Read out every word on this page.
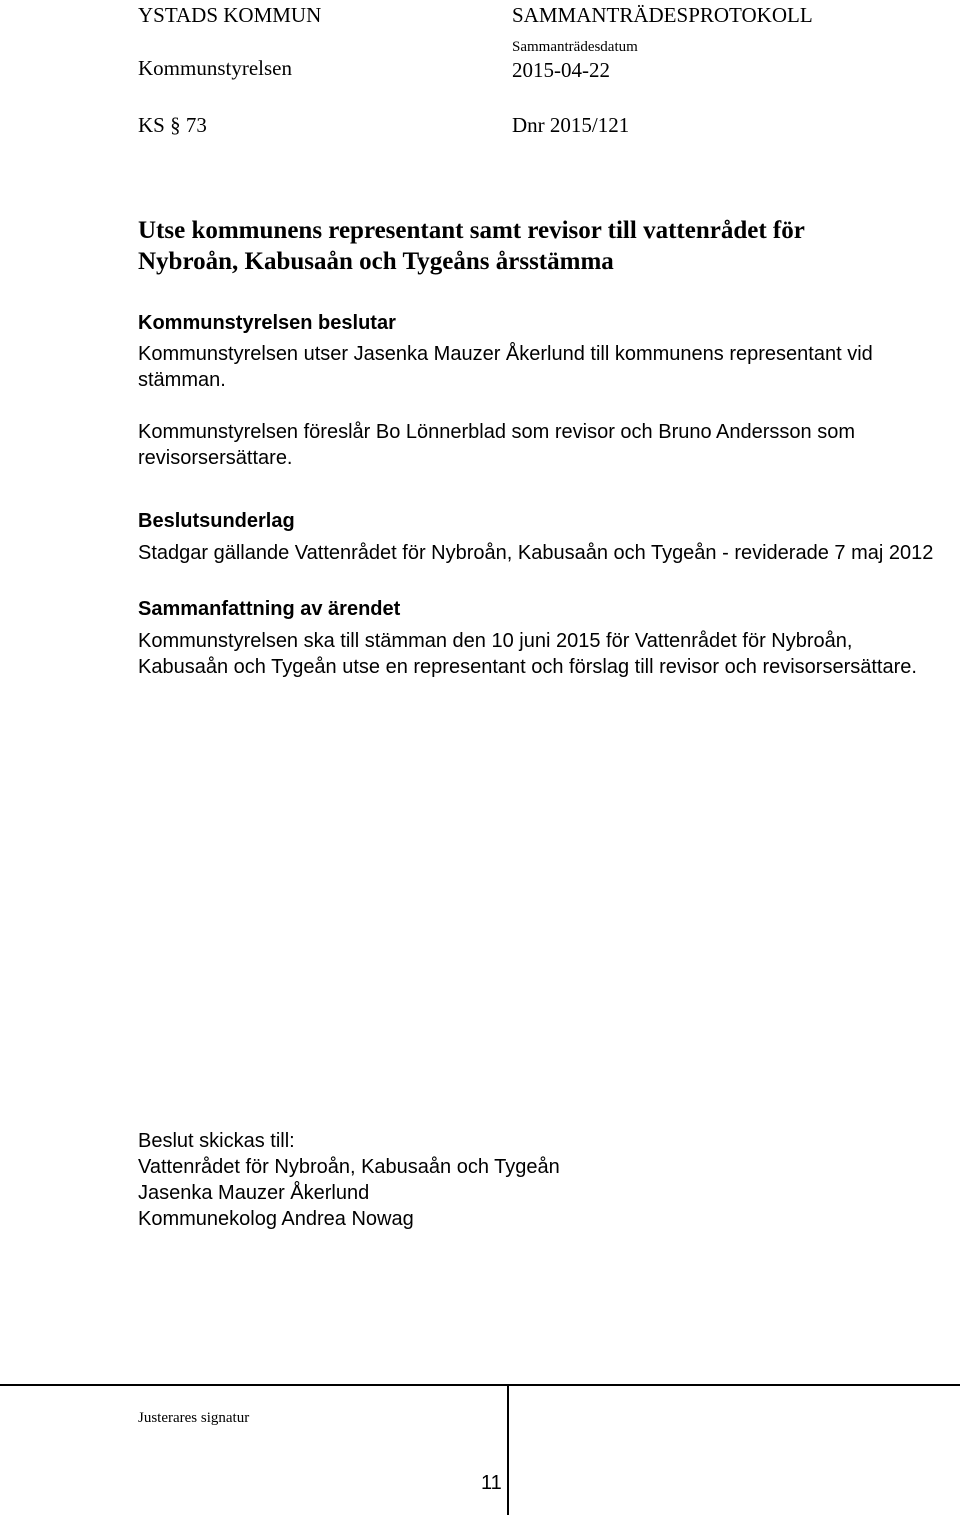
YSTADS KOMMUN
Kommunstyrelsen
SAMMANTRÄDESPROTOKOLL
Sammanträdesdatum
2015-04-22
KS § 73	Dnr 2015/121
Utse kommunens representant samt revisor till vattenrådet för
Nybroån, Kabusaån och Tygeåns årsstämma
Kommunstyrelsen beslutar
Kommunstyrelsen utser Jasenka Mauzer Åkerlund till kommunens representant vid
stämman.
Kommunstyrelsen föreslår Bo Lönnerblad som revisor och Bruno Andersson som
revisorsersättare.
Beslutsunderlag
Stadgar gällande Vattenrådet för Nybroån, Kabusaån och Tygeån - reviderade 7 maj 2012
Sammanfattning av ärendet
Kommunstyrelsen ska till stämman den 10 juni 2015 för Vattenrådet för Nybroån,
Kabusaån och Tygeån utse en representant och förslag till revisor och revisorsersättare.
Beslut skickas till:
Vattenrådet för Nybroån, Kabusaån och Tygeån
Jasenka Mauzer Åkerlund
Kommunekolog Andrea Nowag
Justerares signatur
11
